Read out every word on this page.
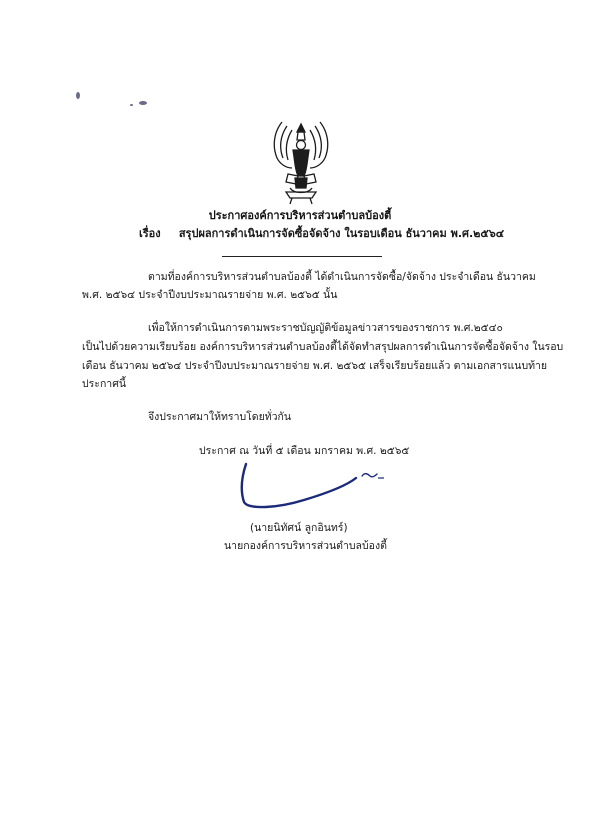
ประกาศองค์การบริหารส่วนตำบลบ้องตี้
เรื่อง สรุปผลการดำเนินการจัดซื้อจัดจ้าง ในรอบเดือน ธันวาคม พ.ศ.๒๕๖๔
ตามที่องค์การบริหารส่วนตำบลบ้องตี้ ได้ดำเนินการจัดซื้อ/จัดจ้าง ประจำเดือน ธันวาคม
พ.ศ. ๒๕๖๔ ประจำปีงบประมาณรายจ่าย พ.ศ. ๒๕๖๕ นั้น
เพื่อให้การดำเนินการตามพระราชบัญญัติข้อมูลข่าวสารของราชการ พ.ศ.๒๕๔๐
เป็นไปด้วยความเรียบร้อย องค์การบริหารส่วนตำบลบ้องตี้ได้จัดทำสรุปผลการดำเนินการจัดซื้อจัดจ้าง ในรอบ
เดือน ธันวาคม ๒๕๖๔ ประจำปีงบประมาณรายจ่าย พ.ศ. ๒๕๖๕ เสร็จเรียบร้อยแล้ว ตามเอกสารแนบท้าย
ประกาศนี้
จึงประกาศมาให้ทราบโดยทั่วกัน
ประกาศ ณ วันที่ ๕ เดือน มกราคม พ.ศ. ๒๕๖๕
(นายนิทัศน์ ลูกอินทร์)
นายกองค์การบริหารส่วนตำบลบ้องตี้
